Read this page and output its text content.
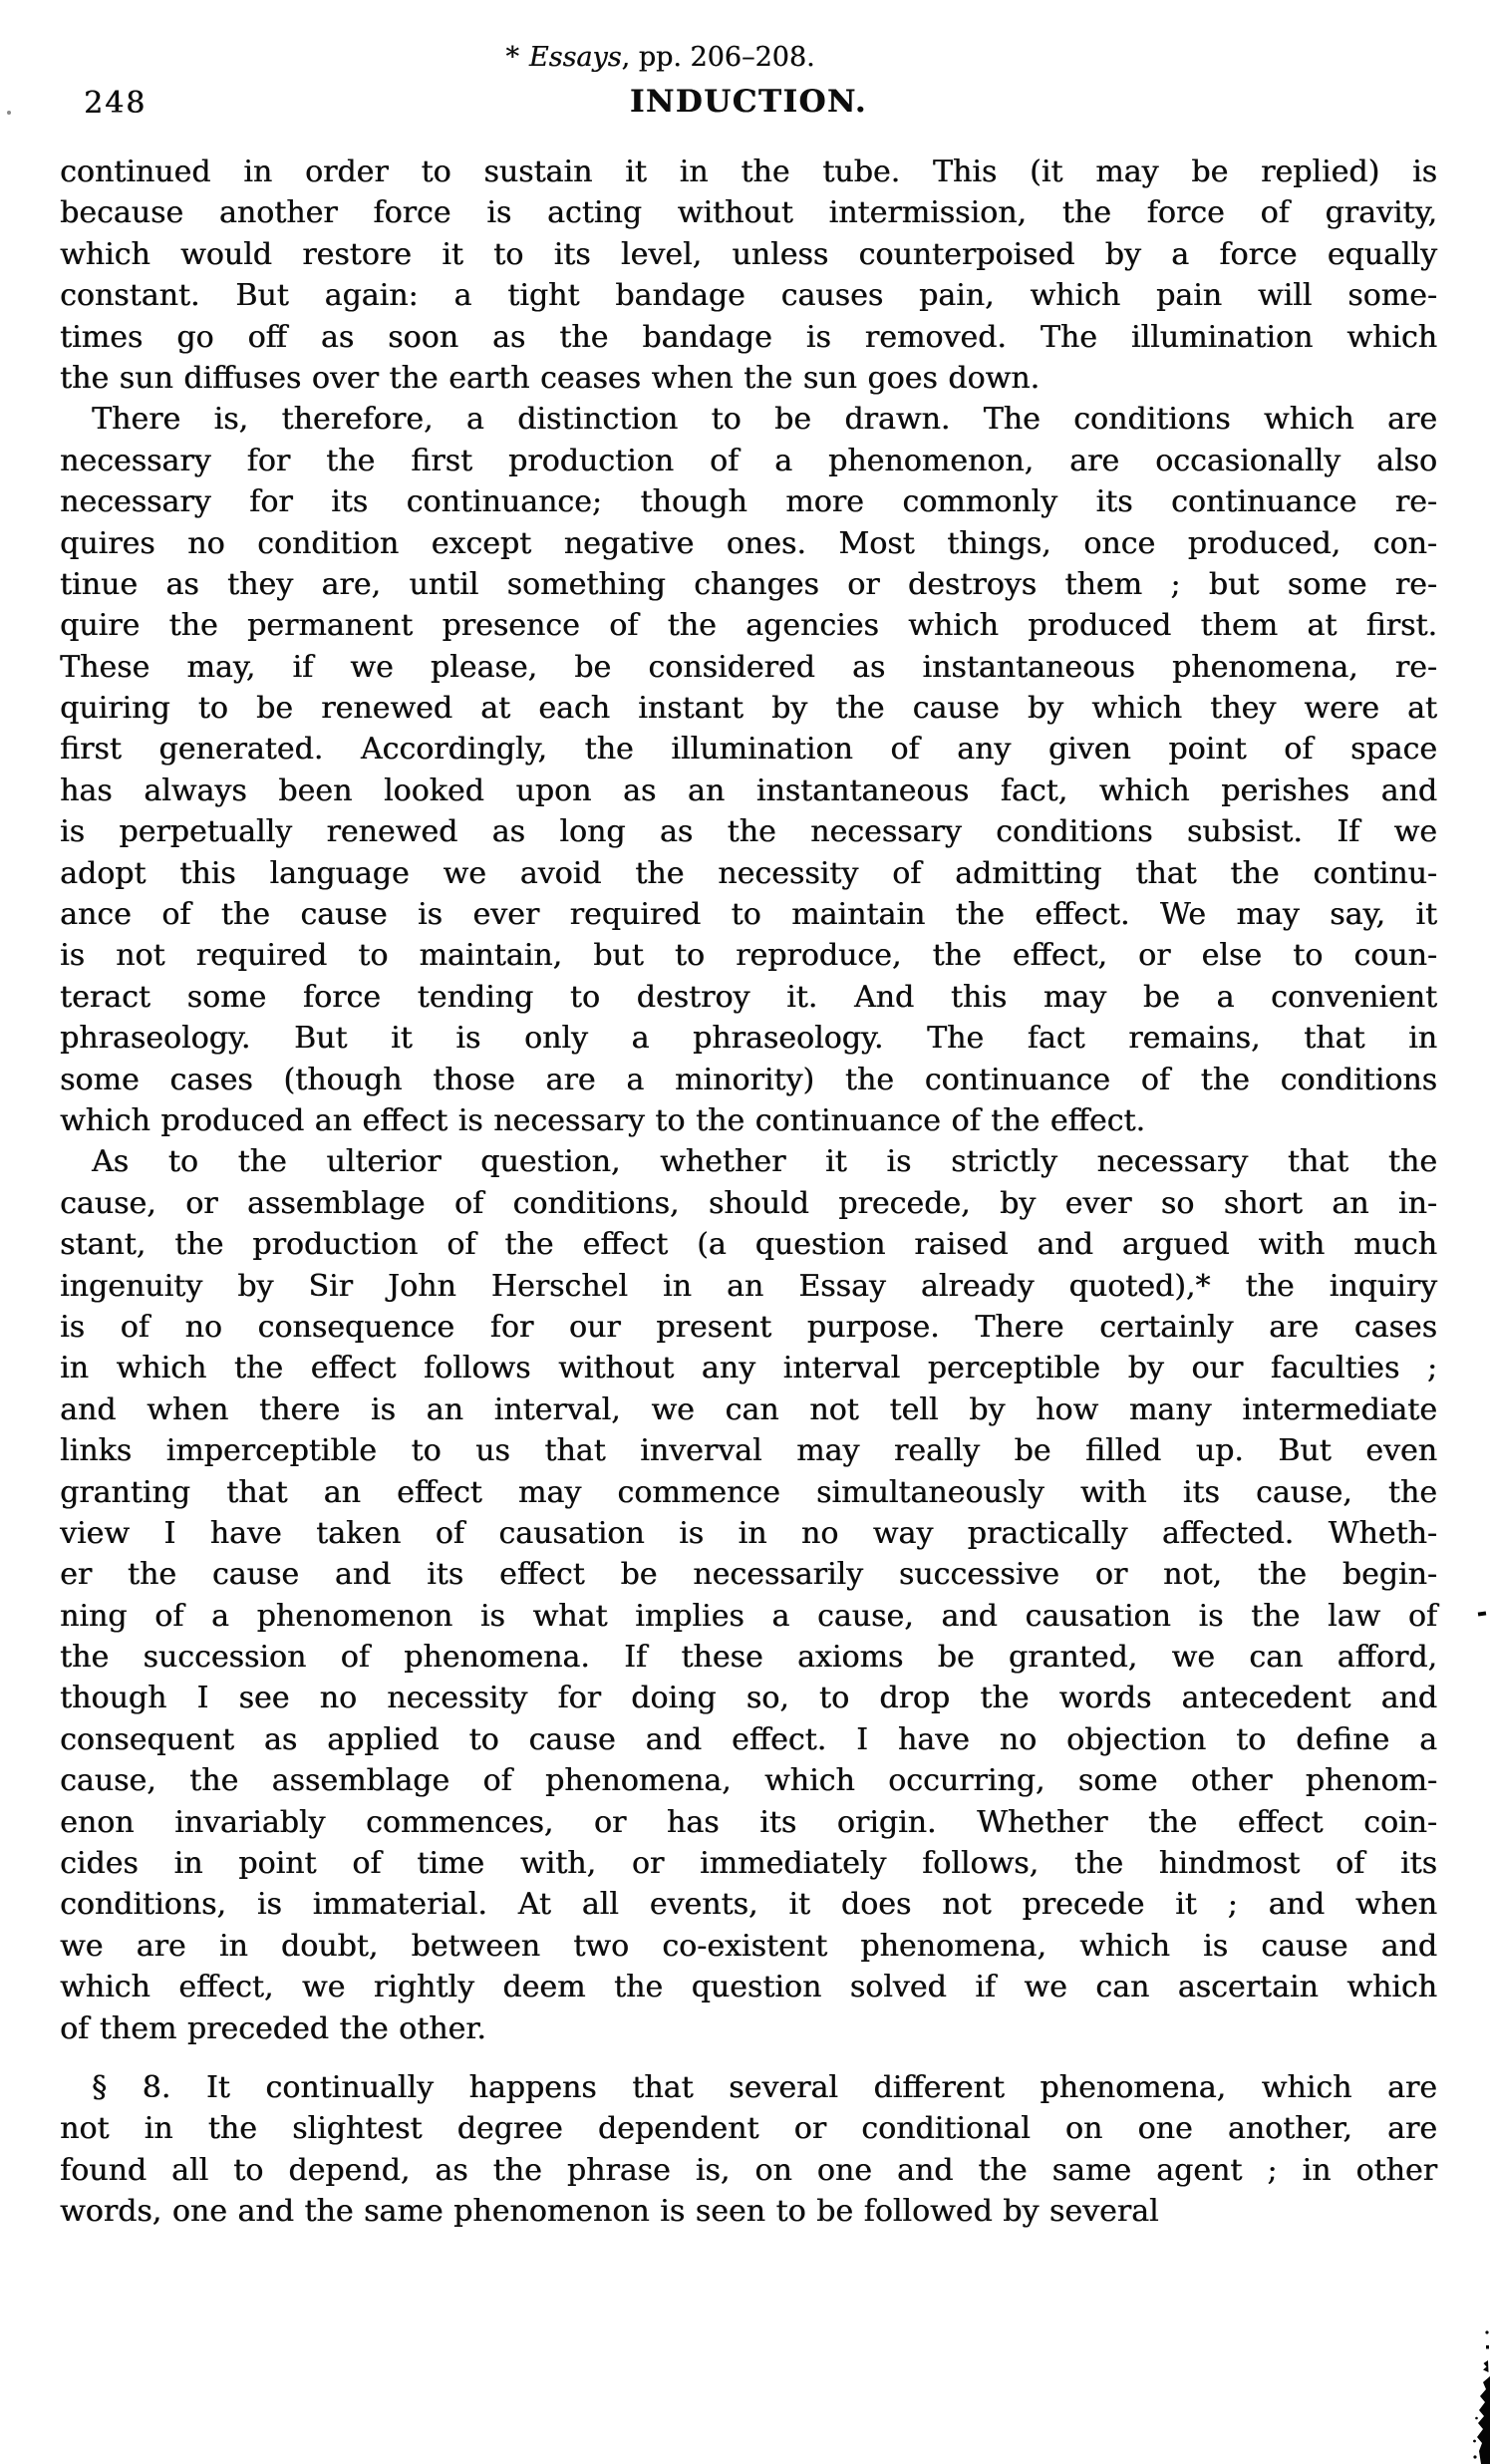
248	INDUCTION.
continued in order to sustain it in the tube. This (it may be replied) is
because another force is acting without intermission, the force of gravity,
which would restore it to its level, unless counterpoised by a force equally
constant. But again: a tight bandage causes pain, which pain will some-
times go off as soon as the bandage is removed. The illumination which
the sun diffuses over the earth ceases when the sun goes down.
There is, therefore, a distinction to be drawn. The conditions which are
necessary for the first production of a phenomenon, are occasionally also
necessary for its continuance; though more commonly its continuance re-
quires no condition except negative ones. Most things, once produced, con-
tinue as they are, until something changes or destroys them ; but some re-
quire the permanent presence of the agencies which produced them at first.
These may, if we please, be considered as instantaneous phenomena, re-
quiring to be renewed at each instant by the cause by which they were at
first generated. Accordingly, the illumination of any given point of space
has always been looked upon as an instantaneous fact, which perishes and
is perpetually renewed as long as the necessary conditions subsist. If we
adopt this language we avoid the necessity of admitting that the continu-
ance of the cause is ever required to maintain the effect. We may say, it
is not required to maintain, but to reproduce, the effect, or else to coun-
teract some force tending to destroy it. And this may be a convenient
phraseology. But it is only a phraseology. The fact remains, that in
some cases (though those are a minority) the continuance of the conditions
which produced an effect is necessary to the continuance of the effect.
As to the ulterior question, whether it is strictly necessary that the
cause, or assemblage of conditions, should precede, by ever so short an in-
stant, the production of the effect (a question raised and argued with much
ingenuity by Sir John Herschel in an Essay already quoted),* the inquiry
is of no consequence for our present purpose. There certainly are cases
in which the effect follows without any interval perceptible by our faculties ;
and when there is an interval, we can not tell by how many intermediate
links imperceptible to us that inverval may really be filled up. But even
granting that an effect may commence simultaneously with its cause, the
view I have taken of causation is in no way practically affected. Wheth-
er the cause and its effect be necessarily successive or not, the begin-
ning of a phenomenon is what implies a cause, and causation is the law of
the succession of phenomena. If these axioms be granted, we can afford,
though I see no necessity for doing so, to drop the words antecedent and
consequent as applied to cause and effect. I have no objection to define a
cause, the assemblage of phenomena, which occurring, some other phenom-
enon invariably commences, or has its origin. Whether the effect coin-
cides in point of time with, or immediately follows, the hindmost of its
conditions, is immaterial. At all events, it does not precede it ; and when
we are in doubt, between two co-existent phenomena, which is cause and
which effect, we rightly deem the question solved if we can ascertain which
of them preceded the other.
§ 8. It continually happens that several different phenomena, which are
not in the slightest degree dependent or conditional on one another, are
found all to depend, as the phrase is, on one and the same agent ; in other
words, one and the same phenomenon is seen to be followed by several
* Essays, pp. 206–208.
